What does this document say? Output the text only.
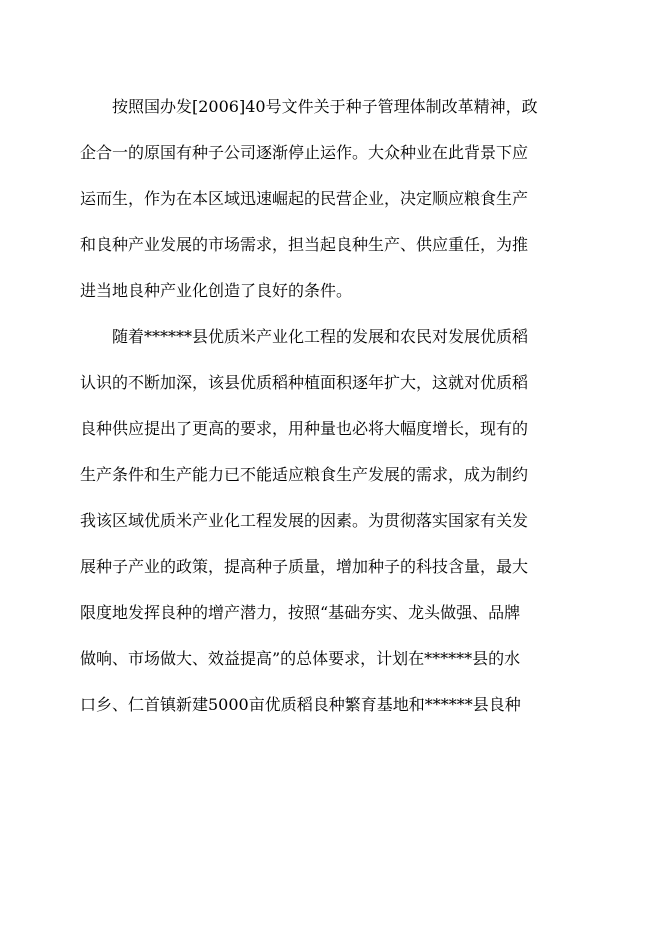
　　按照国办发[2006]40号文件关于种子管理体制改革精神，政
企合一的原国有种子公司逐渐停止运作。大众种业在此背景下应
运而生，作为在本区域迅速崛起的民营企业，决定顺应粮食生产
和良种产业发展的市场需求，担当起良种生产、供应重任，为推
进当地良种产业化创造了良好的条件。
　　随着******县优质米产业化工程的发展和农民对发展优质稻
认识的不断加深，该县优质稻种植面积逐年扩大，这就对优质稻
良种供应提出了更高的要求，用种量也必将大幅度增长，现有的
生产条件和生产能力已不能适应粮食生产发展的需求，成为制约
我该区域优质米产业化工程发展的因素。为贯彻落实国家有关发
展种子产业的政策，提高种子质量，增加种子的科技含量，最大
限度地发挥良种的增产潜力，按照“基础夯实、龙头做强、品牌
做响、市场做大、效益提高”的总体要求，计划在******县的水
口乡、仁首镇新建5000亩优质稻良种繁育基地和******县良种
